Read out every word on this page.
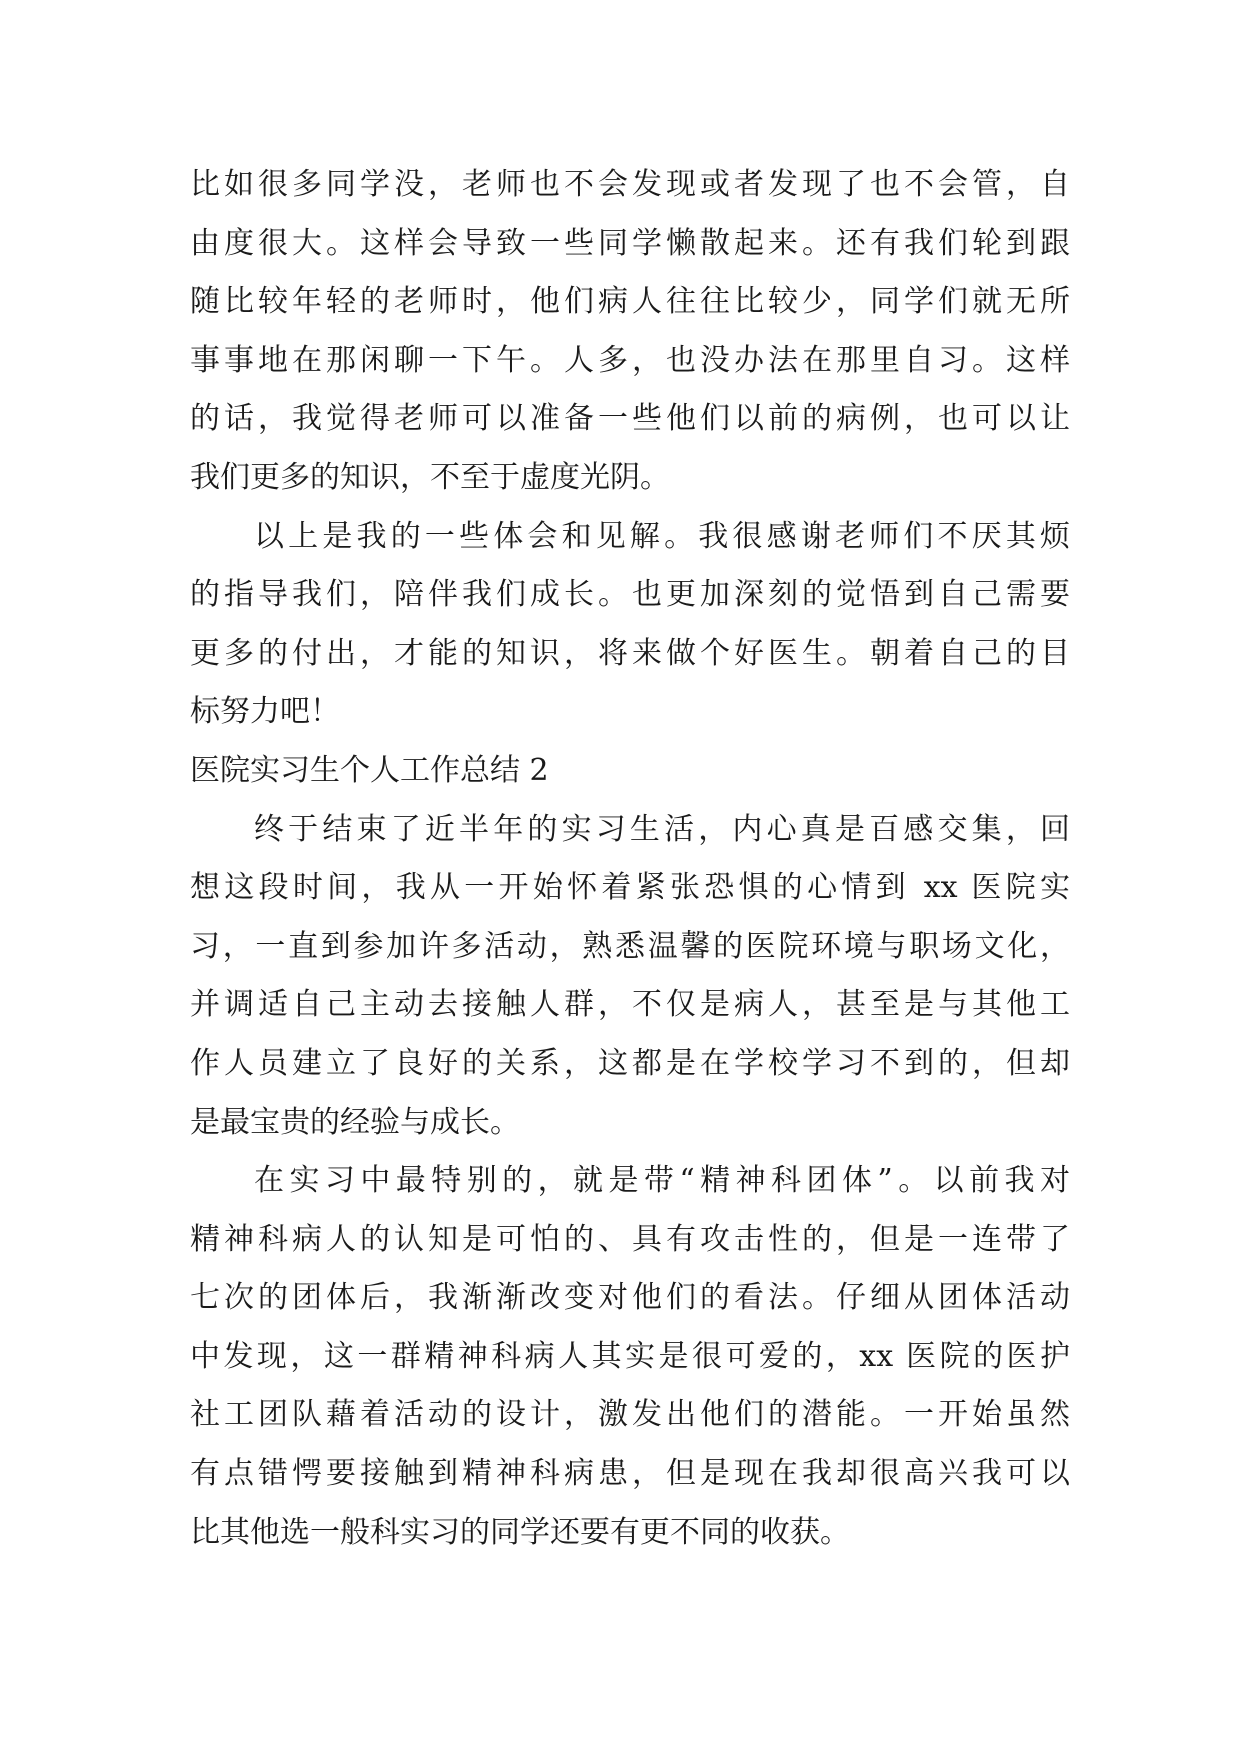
比如很多同学没，老师也不会发现或者发现了也不会管，自
由度很大。这样会导致一些同学懒散起来。还有我们轮到跟
随比较年轻的老师时，他们病人往往比较少，同学们就无所
事事地在那闲聊一下午。人多，也没办法在那里自习。这样
的话，我觉得老师可以准备一些他们以前的病例，也可以让
我们更多的知识，不至于虚度光阴。
以上是我的一些体会和见解。我很感谢老师们不厌其烦
的指导我们，陪伴我们成长。也更加深刻的觉悟到自己需要
更多的付出，才能的知识，将来做个好医生。朝着自己的目
标努力吧！
医院实习生个人工作总结 2
终于结束了近半年的实习生活，内心真是百感交集，回
想这段时间，我从一开始怀着紧张恐惧的心情到 xx 医院实
习，一直到参加许多活动，熟悉温馨的医院环境与职场文化，
并调适自己主动去接触人群，不仅是病人，甚至是与其他工
作人员建立了良好的关系，这都是在学校学习不到的，但却
是最宝贵的经验与成长。
在实习中最特别的，就是带“精神科团体”。以前我对
精神科病人的认知是可怕的、具有攻击性的，但是一连带了
七次的团体后，我渐渐改变对他们的看法。仔细从团体活动
中发现，这一群精神科病人其实是很可爱的，xx 医院的医护
社工团队藉着活动的设计，激发出他们的潜能。一开始虽然
有点错愕要接触到精神科病患，但是现在我却很高兴我可以
比其他选一般科实习的同学还要有更不同的收获。
